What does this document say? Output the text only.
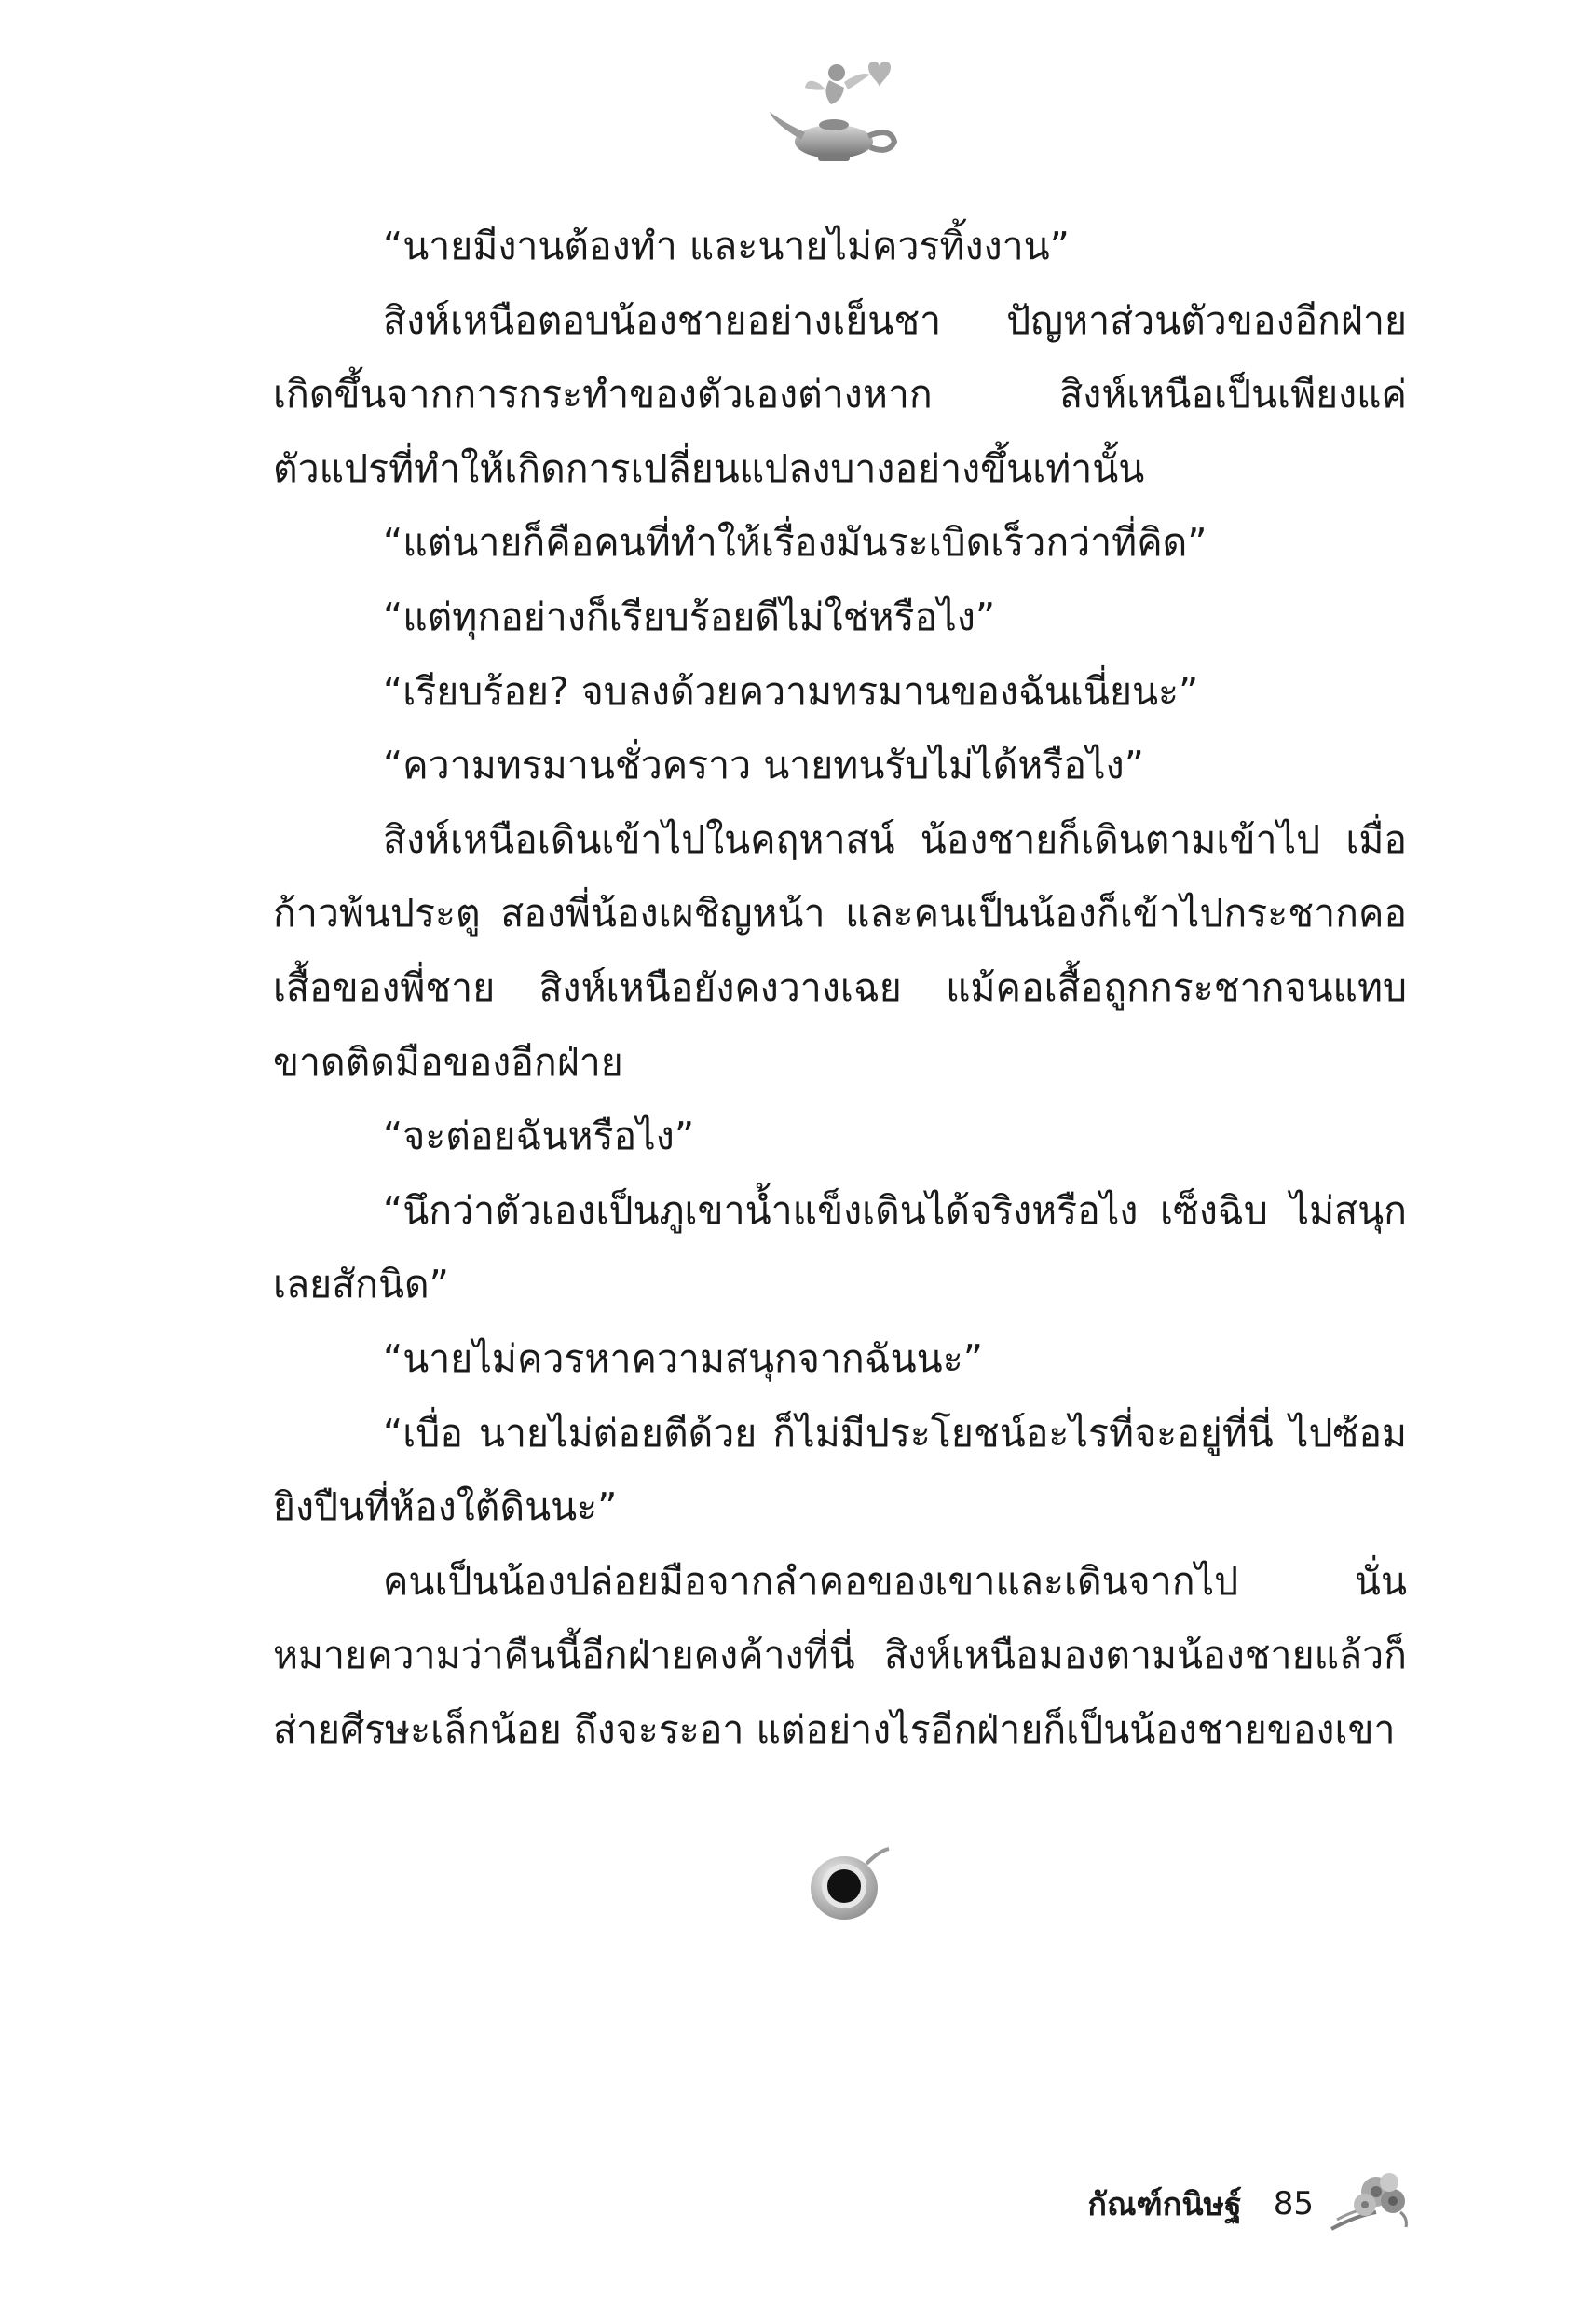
“นายมีงานต้องทำ และนายไม่ควรทิ้งงาน”

สิงห์เหนือตอบน้องชายอย่างเย็นชา ปัญหาส่วนตัวของอีกฝ่ายเกิดขึ้นจากการกระทำของตัวเองต่างหาก สิงห์เหนือเป็นเพียงแค่ตัวแปรที่ทำให้เกิดการเปลี่ยนแปลงบางอย่างขึ้นเท่านั้น

“แต่นายก็คือคนที่ทำให้เรื่องมันระเบิดเร็วกว่าที่คิด”

“แต่ทุกอย่างก็เรียบร้อยดีไม่ใช่หรือไง”

“เรียบร้อย? จบลงด้วยความทรมานของฉันเนี่ยนะ”

“ความทรมานชั่วคราว นายทนรับไม่ได้หรือไง”

สิงห์เหนือเดินเข้าไปในคฤหาสน์ น้องชายก็เดินตามเข้าไป เมื่อก้าวพ้นประตู สองพี่น้องเผชิญหน้า และคนเป็นน้องก็เข้าไปกระชากคอเสื้อของพี่ชาย สิงห์เหนือยังคงวางเฉย แม้คอเสื้อถูกกระชากจนแทบขาดติดมือของอีกฝ่าย

“จะต่อยฉันหรือไง”

“นึกว่าตัวเองเป็นภูเขาน้ำแข็งเดินได้จริงหรือไง เซ็งฉิบ ไม่สนุกเลยสักนิด”

“นายไม่ควรหาความสนุกจากฉันนะ”

“เบื่อ นายไม่ต่อยตีด้วย ก็ไม่มีประโยชน์อะไรที่จะอยู่ที่นี่ ไปซ้อมยิงปืนที่ห้องใต้ดินนะ”

คนเป็นน้องปล่อยมือจากลำคอของเขาและเดินจากไป นั่นหมายความว่าคืนนี้อีกฝ่ายคงค้างที่นี่ สิงห์เหนือมองตามน้องชายแล้วก็ส่ายศีรษะเล็กน้อย ถึงจะระอา แต่อย่างไรอีกฝ่ายก็เป็นน้องชายของเขา

กัณฑ์กนิษฐ์ 85
